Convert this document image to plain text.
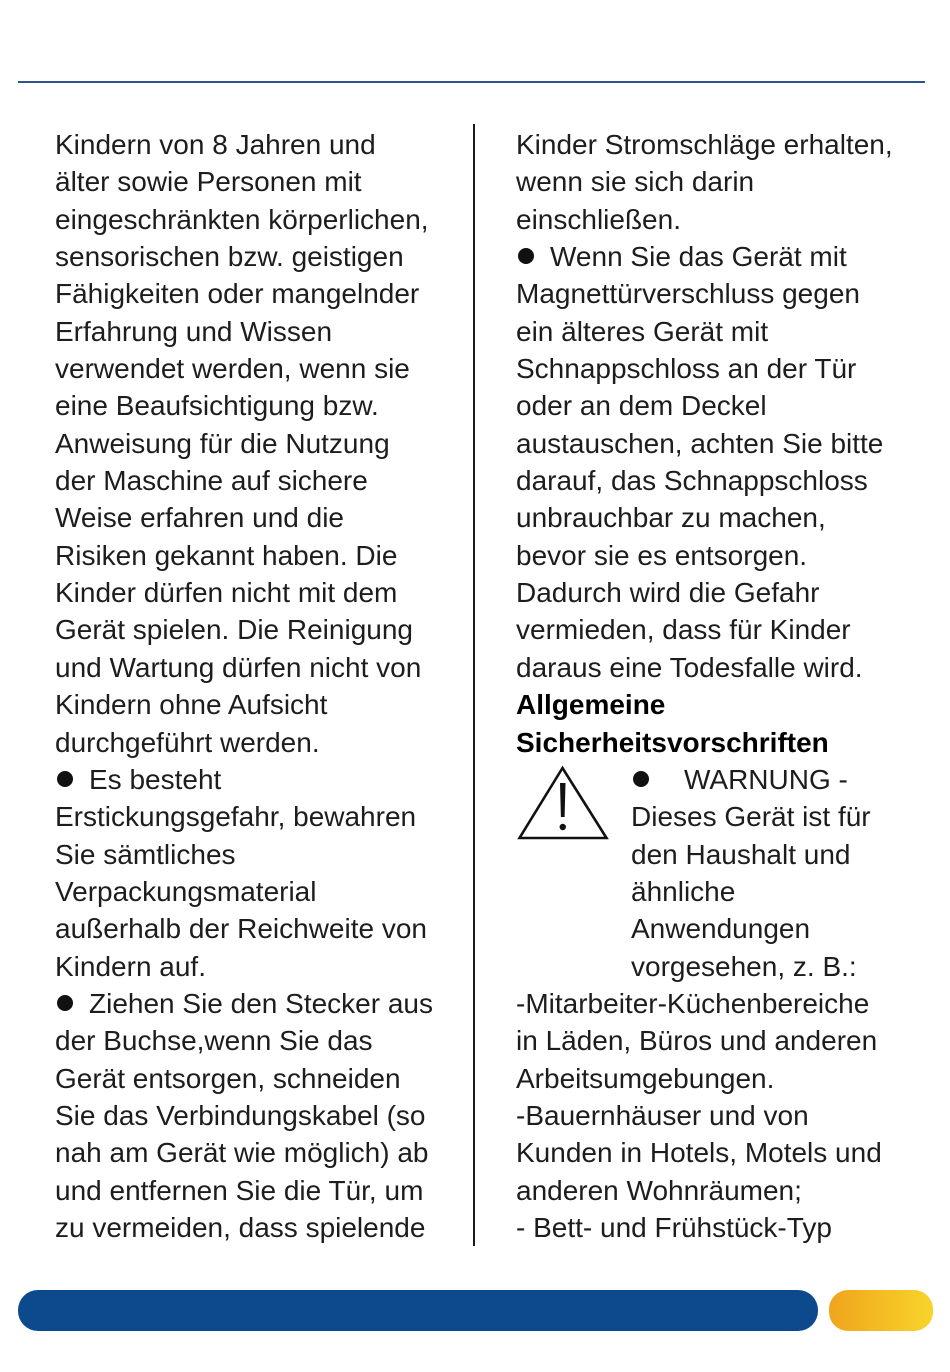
Kindern von 8 Jahren und
älter sowie Personen mit
eingeschränkten körperlichen,
sensorischen bzw. geistigen
Fähigkeiten oder mangelnder
Erfahrung und Wissen
verwendet werden, wenn sie
eine Beaufsichtigung bzw.
Anweisung für die Nutzung
der Maschine auf sichere
Weise erfahren und die
Risiken gekannt haben. Die
Kinder dürfen nicht mit dem
Gerät spielen. Die Reinigung
und Wartung dürfen nicht von
Kindern ohne Aufsicht
durchgeführt werden.
Es besteht
Erstickungsgefahr, bewahren
Sie sämtliches
Verpackungsmaterial
außerhalb der Reichweite von
Kindern auf.
Ziehen Sie den Stecker aus
der Buchse,wenn Sie das
Gerät entsorgen, schneiden
Sie das Verbindungskabel (so
nah am Gerät wie möglich) ab
und entfernen Sie die Tür, um
zu vermeiden, dass spielende
Kinder Stromschläge erhalten,
wenn sie sich darin
einschließen.
Wenn Sie das Gerät mit
Magnettürverschluss gegen
ein älteres Gerät mit
Schnappschloss an der Tür
oder an dem Deckel
austauschen, achten Sie bitte
darauf, das Schnappschloss
unbrauchbar zu machen,
bevor sie es entsorgen.
Dadurch wird die Gefahr
vermieden, dass für Kinder
daraus eine Todesfalle wird.
Allgemeine
Sicherheitsvorschriften
WARNUNG -
Dieses Gerät ist für
den Haushalt und
ähnliche
Anwendungen
vorgesehen, z. B.:
-Mitarbeiter-Küchenbereiche
in Läden, Büros und anderen
Arbeitsumgebungen.
-Bauernhäuser und von
Kunden in Hotels, Motels und
anderen Wohnräumen;
- Bett- und Frühstück-Typ
